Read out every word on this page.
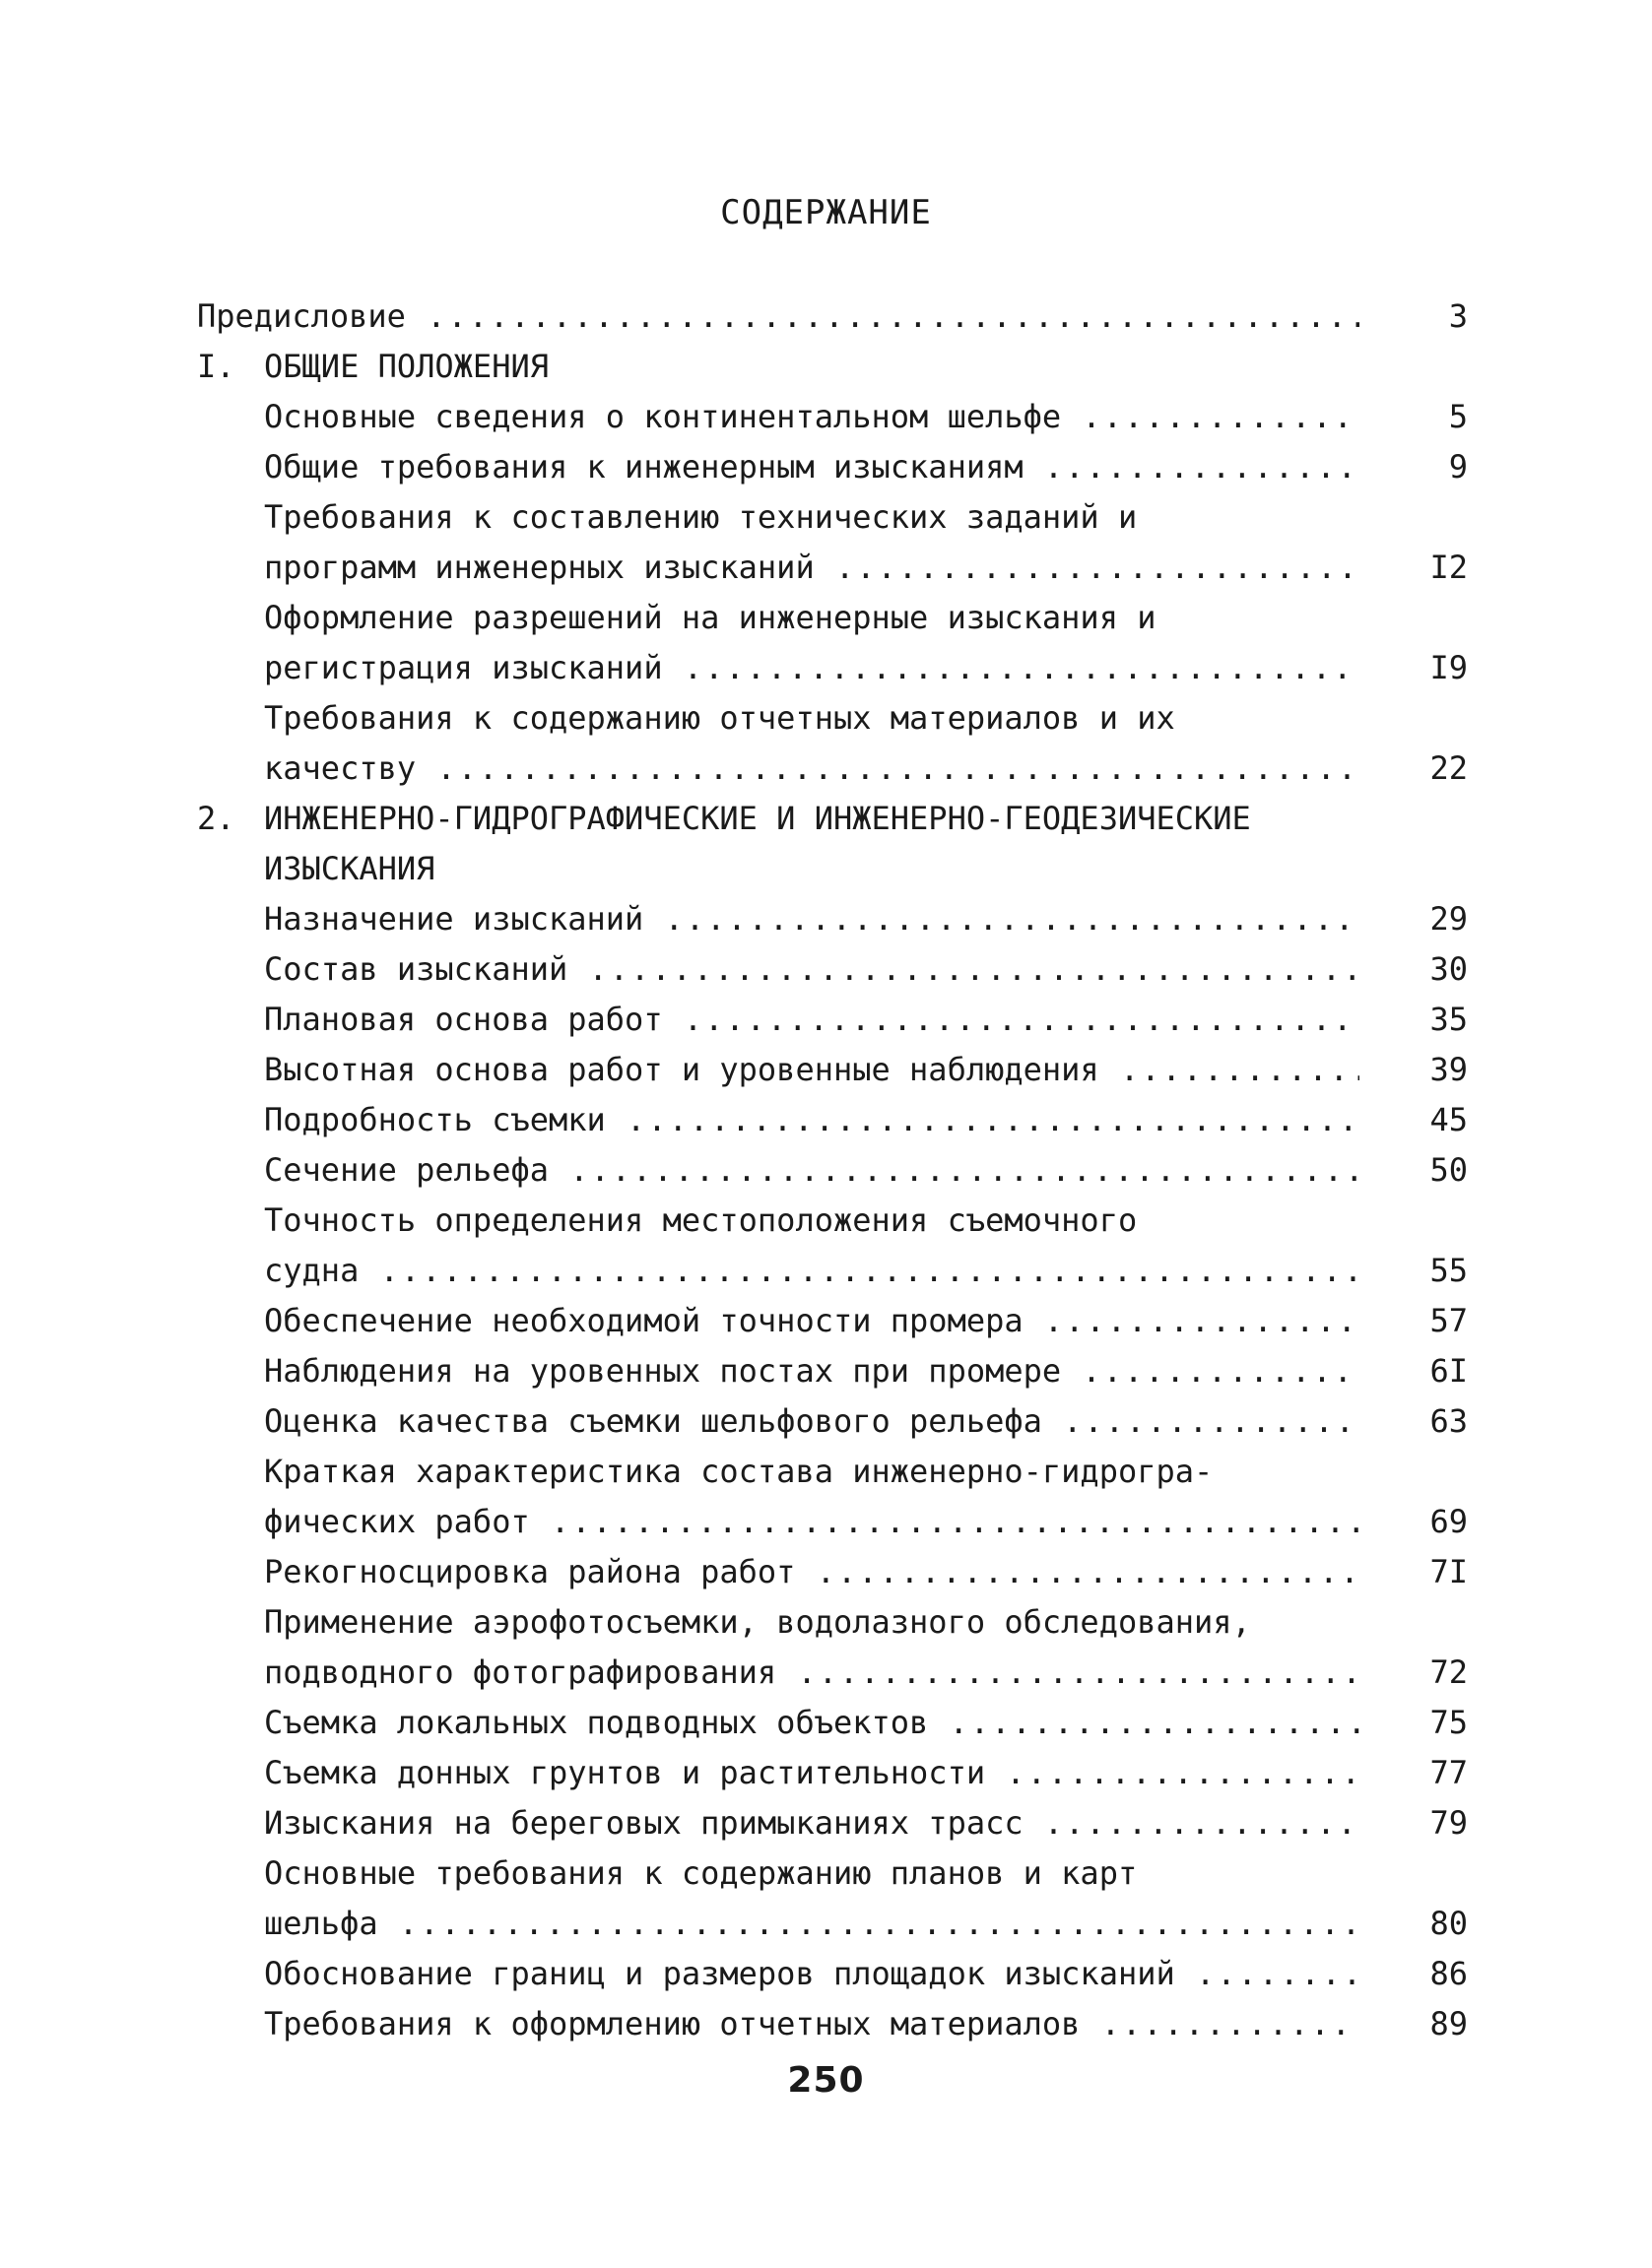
СОДЕРЖАНИЕ
Предисловие .....	3
I. ОБЩИЕ ПОЛОЖЕНИЯ
Основные сведения о континентальном шельфе .....	5
Общие требования к инженерным изысканиям .....	9
Требования к составлению технических заданий и
программ инженерных изысканий .....	I2
Оформление разрешений на инженерные изыскания и
регистрация изысканий .....	I9
Требования к содержанию отчетных материалов и их
качеству .....	22
2. ИНЖЕНЕРНО-ГИДРОГРАФИЧЕСКИЕ И ИНЖЕНЕРНО-ГЕОДЕЗИЧЕСКИЕ
ИЗЫСКАНИЯ
Назначение изысканий .....	29
Состав изысканий .....	30
Плановая основа работ .....	35
Высотная основа работ и уровенные наблюдения .....	39
Подробность съемки .....	45
Сечение рельефа .....	50
Точность определения местоположения съемочного
судна .....	55
Обеспечение необходимой точности промера .....	57
Наблюдения на уровенных постах при промере .....	6I
Оценка качества съемки шельфового рельефа .....	63
Краткая характеристика состава инженерно-гидрогра-
фических работ .....	69
Рекогносцировка района работ .....	7I
Применение аэрофотосъемки, водолазного обследования,
подводного фотографирования .....	72
Съемка локальных подводных объектов .....	75
Съемка донных грунтов и растительности .....	77
Изыскания на береговых примыканиях трасс .....	79
Основные требования к содержанию планов и карт
шельфа .....	80
Обоснование границ и размеров площадок изысканий .....	86
Требования к оформлению отчетных материалов .....	89
250
